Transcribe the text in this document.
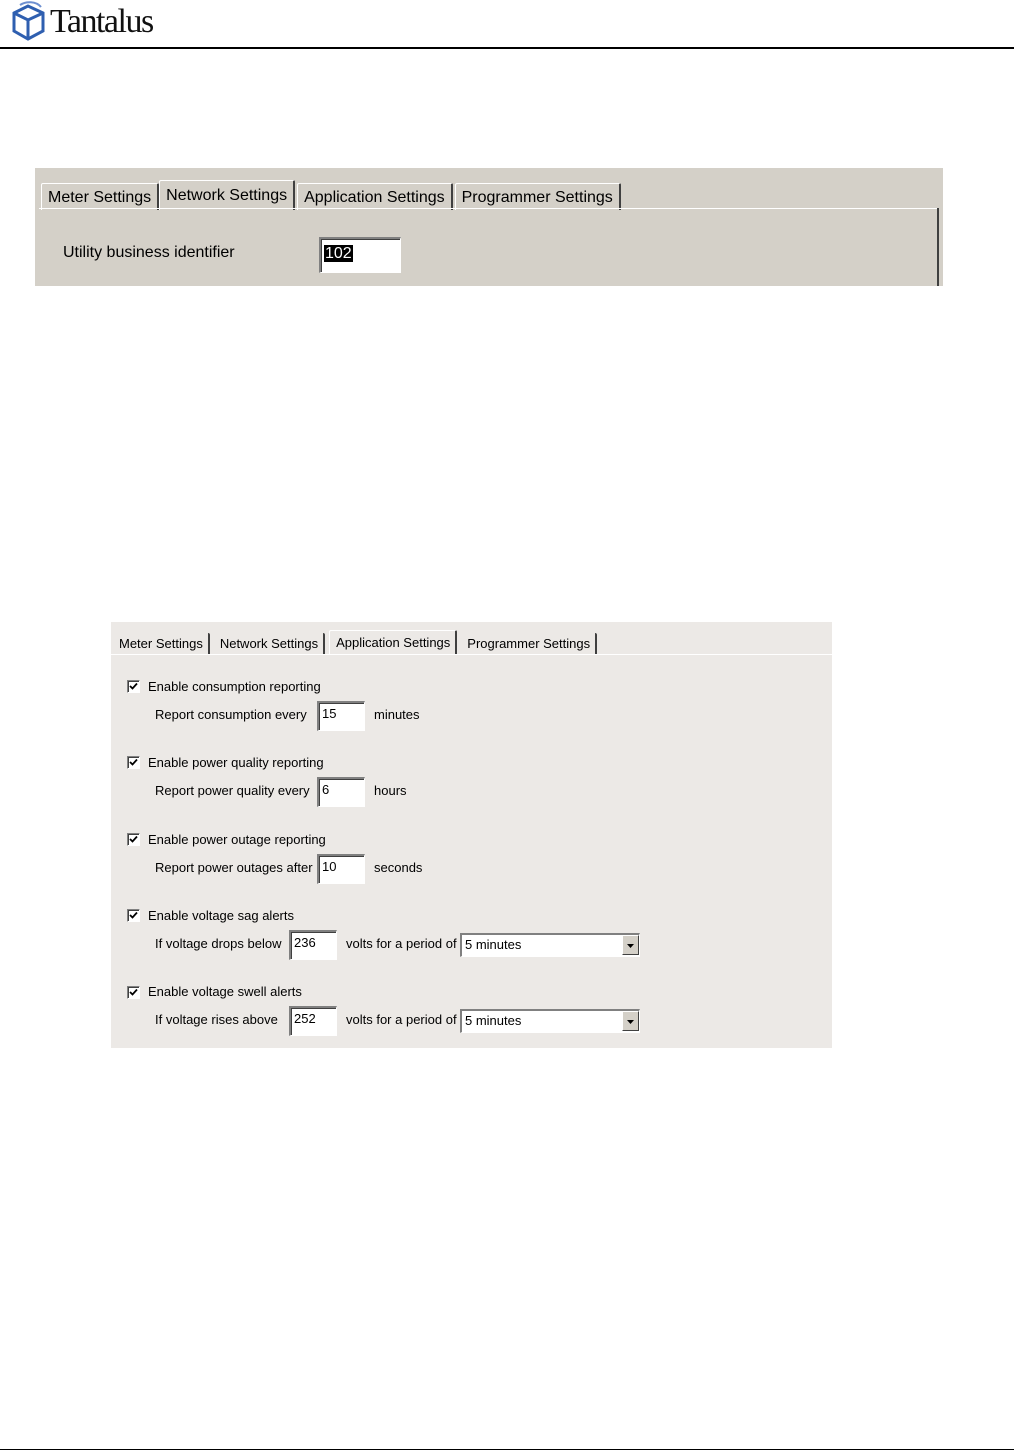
Tantalus
Meter Settings Network Settings	Application Settings	Programmer Settings
Utility business identifier	102
Meter Settings	Network Settings	Application Settings	Programmer Settings
Enable consumption reporting
Report consumption every	15	minutes
Enable power quality reporting
Report power quality every 6	hours
Enable power outage reporting
Report power outages after 10	seconds
Enable voltage sag alerts
If voltage drops below 236	volts for a period of 5 minutes
Enable voltage swell alerts
If voltage rises above	252	volts for a period of 5 minutes
